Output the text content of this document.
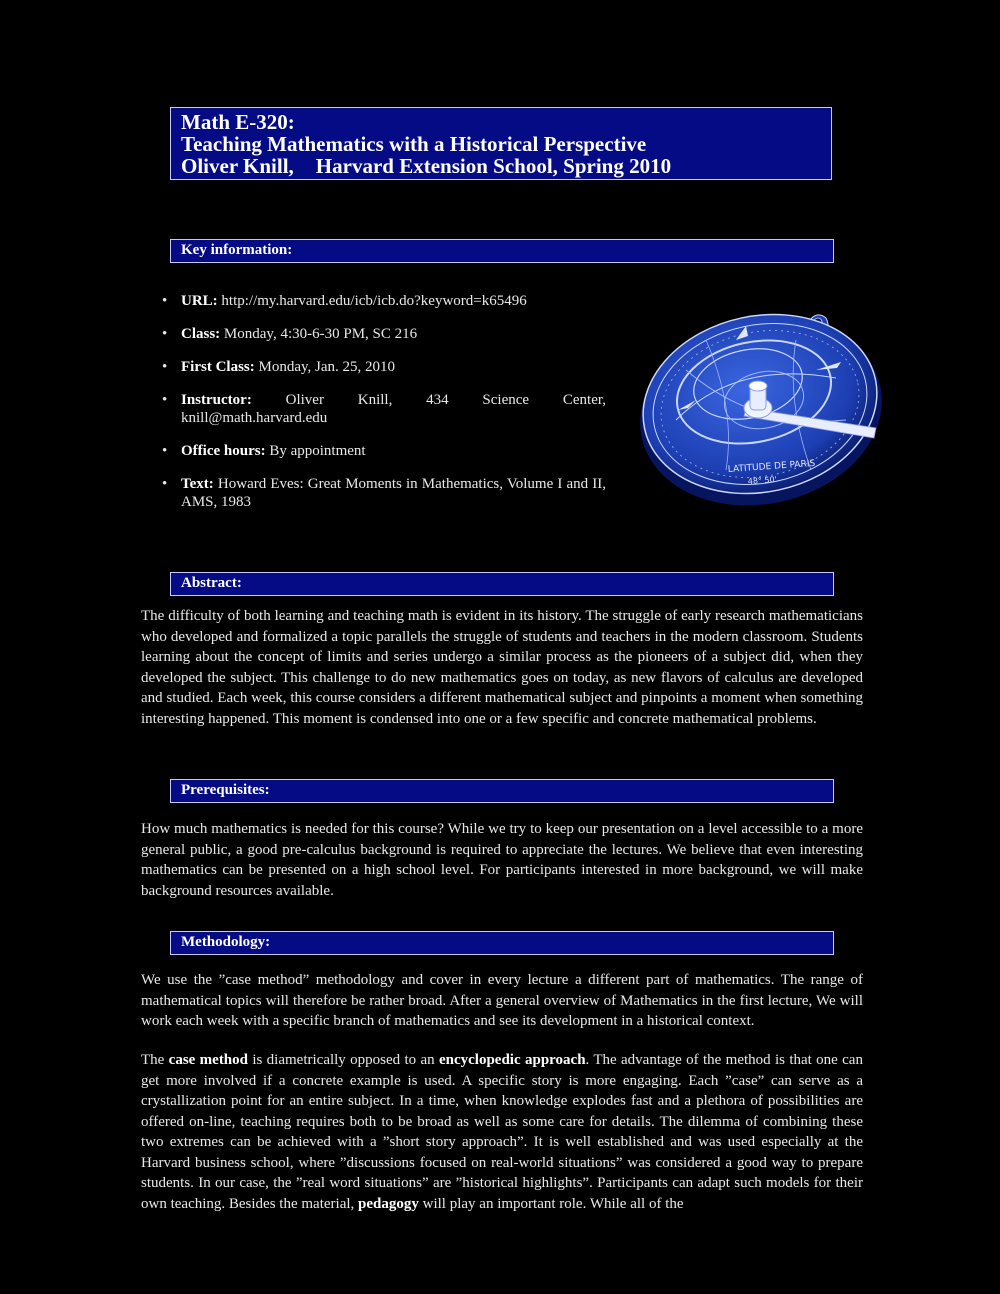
Math E-320:
Teaching Mathematics with a Historical Perspective
Oliver Knill, Harvard Extension School, Spring 2010
Key information:
• URL: http://my.harvard.edu/icb/icb.do?keyword=k65496
• Class: Monday, 4:30-6-30 PM, SC 216
• First Class: Monday, Jan. 25, 2010
• Instructor: Oliver Knill, 434 Science Center, knill@math.harvard.edu
• Office hours: By appointment
• Text: Howard Eves: Great Moments in Mathematics, Volume I and II, AMS, 1983
LATITUDE DE PARIS
48° 50'
Abstract:

The difficulty of both learning and teaching math is evident in its history. The struggle of early research mathematicians who developed and formalized a topic parallels the struggle of students and teachers in the modern classroom. Students learning about the concept of limits and series undergo a similar process as the pioneers of a subject did, when they developed the subject. This challenge to do new mathematics goes on today, as new flavors of calculus are developed and studied. Each week, this course considers a different mathematical subject and pinpoints a moment when something interesting happened. This moment is condensed into one or a few specific and concrete mathematical problems.

Prerequisites:

How much mathematics is needed for this course? While we try to keep our presentation on a level accessible to a more general public, a good pre-calculus background is required to appreciate the lectures. We believe that even interesting mathematics can be presented on a high school level. For participants interested in more background, we will make background resources available.

Methodology:

We use the ”case method” methodology and cover in every lecture a different part of mathematics. The range of mathematical topics will therefore be rather broad. After a general overview of Mathematics in the first lecture, We will work each week with a specific branch of mathematics and see its development in a historical context.

The case method is diametrically opposed to an encyclopedic approach. The advantage of the method is that one can get more involved if a concrete example is used. A specific story is more engaging. Each ”case” can serve as a crystallization point for an entire subject. In a time, when knowledge explodes fast and a plethora of possibilities are offered on-line, teaching requires both to be broad as well as some care for details. The dilemma of combining these two extremes can be achieved with a ”short story approach”. It is well established and was used especially at the Harvard business school, where ”discussions focused on real-world situations” was considered a good way to prepare students. In our case, the ”real word situations” are ”historical highlights”. Participants can adapt such models for their own teaching. Besides the material, pedagogy will play an important role. While all of the
